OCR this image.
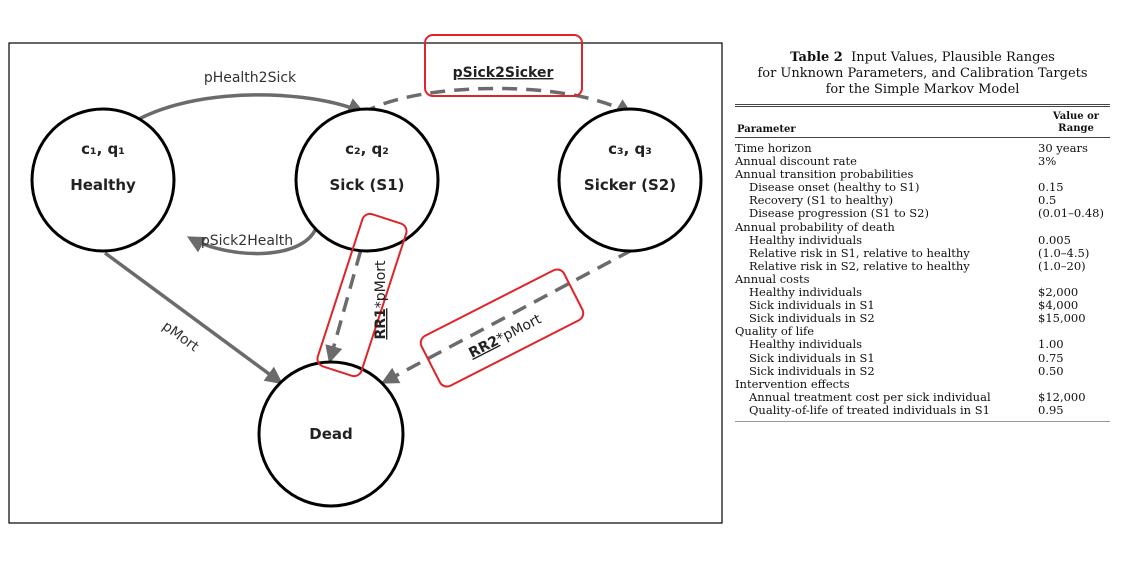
c₁, q₁
Healthy
c₂, q₂
Sick (S1)
c₃, q₃
Sicker (S2)
Dead
pHealth2Sick
pSick2Health
pMort
pSick2Sicker
RR1*pMort
RR2*pMort
Table 2 Input Values, Plausible Ranges
for Unknown Parameters, and Calibration Targets
for the Simple Markov Model
Parameter
Value or
Range
Time horizon	30 years
Annual discount rate	3%
Annual transition probabilities
Disease onset (healthy to S1)	0.15
Recovery (S1 to healthy)	0.5
Disease progression (S1 to S2)	(0.01–0.48)
Annual probability of death
Healthy individuals	0.005
Relative risk in S1, relative to healthy	(1.0–4.5)
Relative risk in S2, relative to healthy	(1.0–20)
Annual costs
Healthy individuals	$2,000
Sick individuals in S1	$4,000
Sick individuals in S2	$15,000
Quality of life
Healthy individuals	1.00
Sick individuals in S1	0.75
Sick individuals in S2	0.50
Intervention effects
Annual treatment cost per sick individual	$12,000
Quality-of-life of treated individuals in S1	0.95
